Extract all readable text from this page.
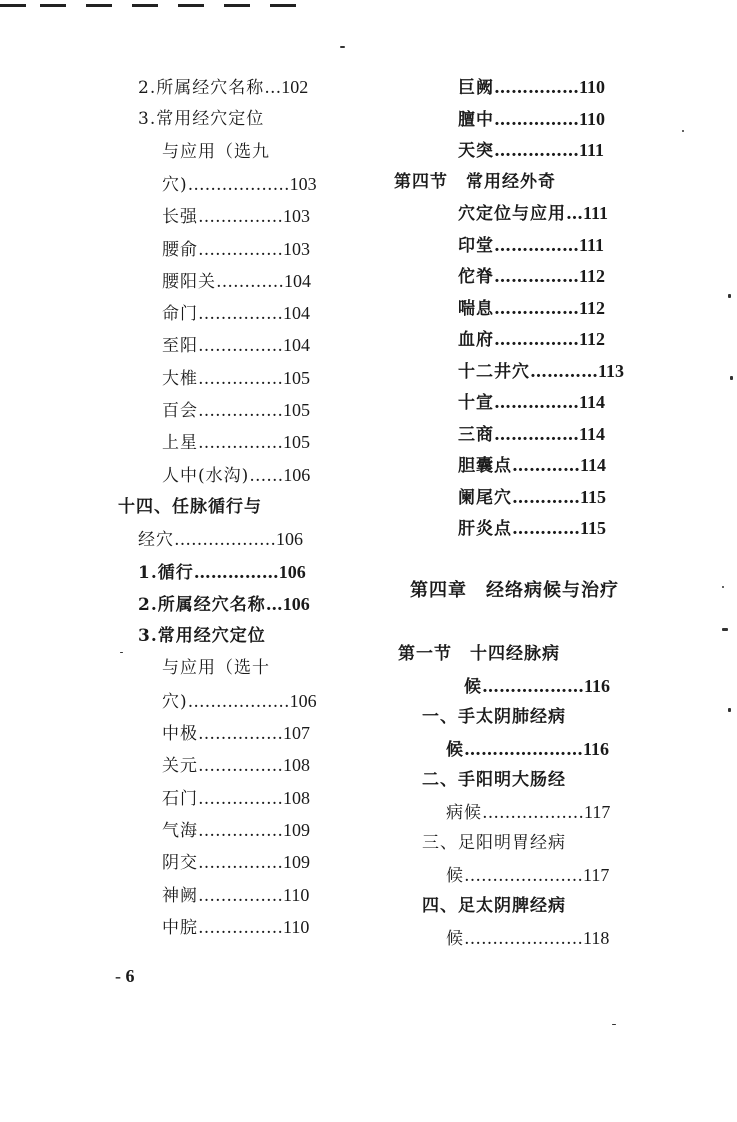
2.所属经穴名称…102
3.常用经穴定位
与应用（选九
穴)………………103
长强……………103
腰俞……………103
腰阳关…………104
命门……………104
至阳……………104
大椎……………105
百会……………105
上星……………105
人中(水沟)……106
十四、任脉循行与
经穴………………106
1.循行……………106
2.所属经穴名称…106
3.常用经穴定位
与应用（选十
穴)………………106
中极……………107
关元……………108
石门……………108
气海……………109
阴交……………109
神阙……………110
中脘……………110
巨阙……………110
膻中……………110
天突……………111
第四节　常用经外奇
穴定位与应用…111
印堂……………111
佗脊……………112
喘息……………112
血府……………112
十二井穴…………113
十宣……………114
三商……………114
胆囊点…………114
阑尾穴…………115
肝炎点…………115
第四章　经络病候与治疗
第一节　十四经脉病
候………………116
一、手太阴肺经病
候…………………116
二、手阳明大肠经
病候………………117
三、足阳明胃经病
候…………………117
四、足太阴脾经病
候…………………118
- 6
